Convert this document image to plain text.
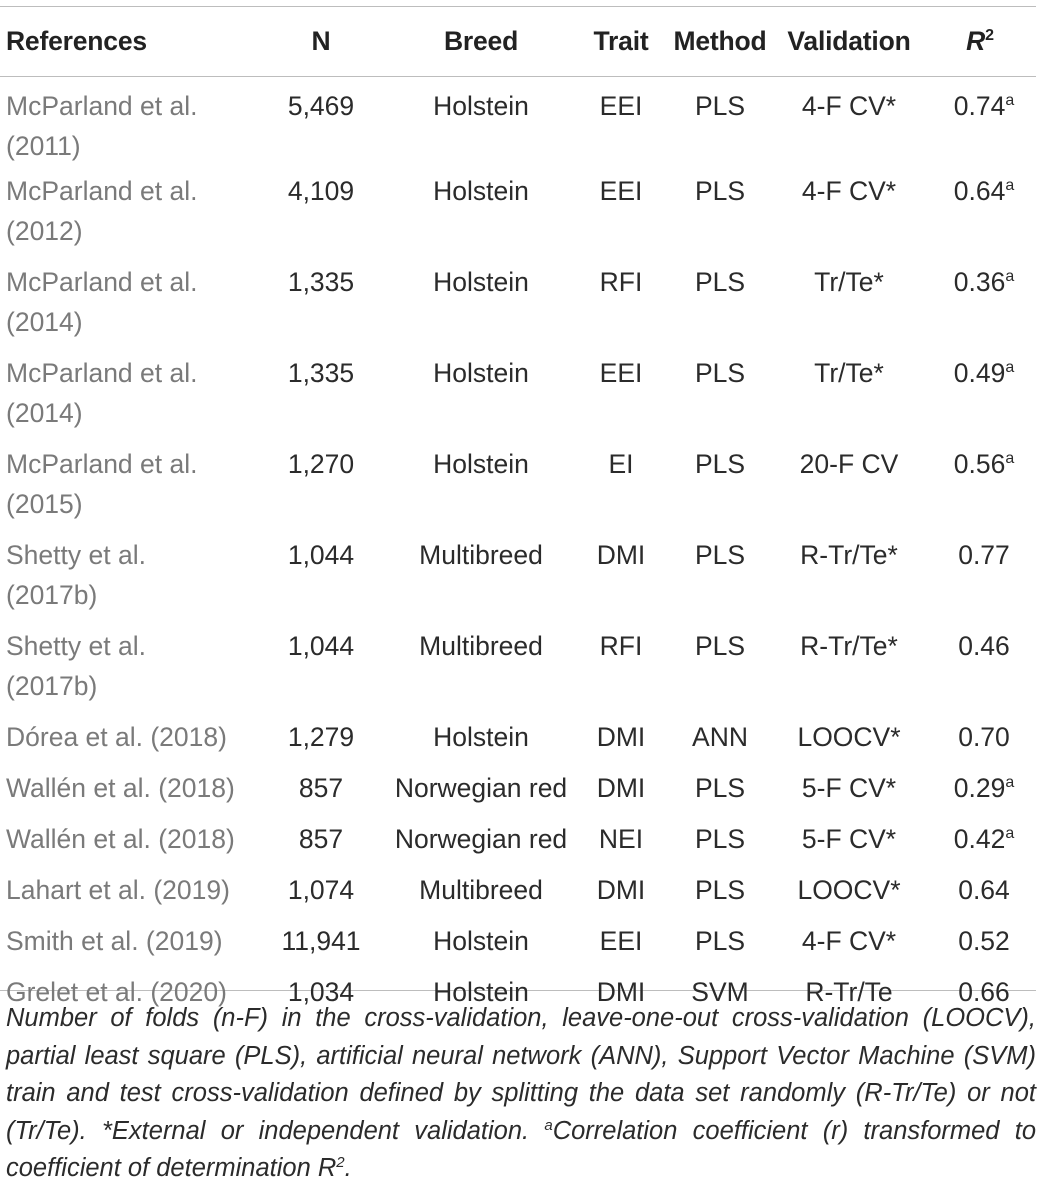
References	N	Breed	Trait	Method	Validation	$R^2$
McParland et al.
(2011)	5,469	Holstein	EEI	PLS	4-F CV*	0.74$^a$
McParland et al.
(2012)	4,109	Holstein	EEI	PLS	4-F CV*	0.64$^a$
McParland et al.
(2014)	1,335	Holstein	RFI	PLS	Tr/Te*	0.36$^a$
McParland et al.
(2014)	1,335	Holstein	EEI	PLS	Tr/Te*	0.49$^a$
McParland et al.
(2015)	1,270	Holstein	EI	PLS	20-F CV	0.56$^a$
Shetty et al.
(2017b)	1,044	Multibreed	DMI	PLS	R-Tr/Te*	0.77
Shetty et al.
(2017b)	1,044	Multibreed	RFI	PLS	R-Tr/Te*	0.46
Dórea et al. (2018)	1,279	Holstein	DMI	ANN	LOOCV*	0.70
Wallén et al. (2018)	857	Norwegian red	DMI	PLS	5-F CV*	0.29$^a$
Wallén et al. (2018)	857	Norwegian red	NEI	PLS	5-F CV*	0.42$^a$
Lahart et al. (2019)	1,074	Multibreed	DMI	PLS	LOOCV*	0.64
Smith et al. (2019)	11,941	Holstein	EEI	PLS	4-F CV*	0.52
Grelet et al. (2020)	1,034	Holstein	DMI	SVM	R-Tr/Te	0.66
Number of folds (n-F) in the cross-validation, leave-one-out cross-validation (LOOCV), partial least square (PLS), artificial neural network (ANN), Support Vector Machine (SVM) train and test cross-validation defined by splitting the data set randomly (R-Tr/Te) or not (Tr/Te). *External or independent validation. $^a$Correlation coefficient (r) transformed to coefficient of determination $R^2$.
